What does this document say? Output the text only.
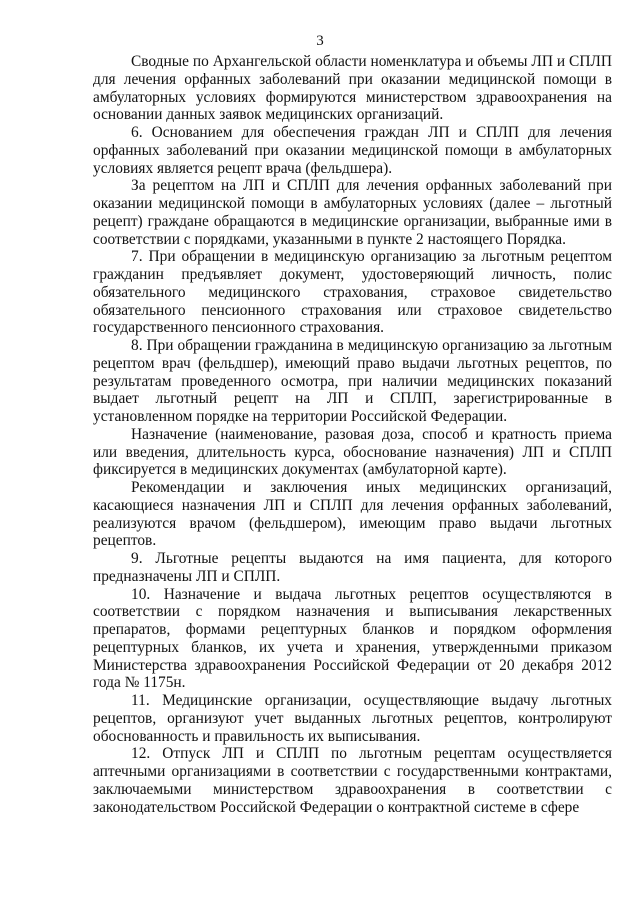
3

Сводные по Архангельской области номенклатура и объемы ЛП и СПЛП для лечения орфанных заболеваний при оказании медицинской помощи в амбулаторных условиях формируются министерством здравоохранения на основании данных заявок медицинских организаций.

6. Основанием для обеспечения граждан ЛП и СПЛП для лечения орфанных заболеваний при оказании медицинской помощи в амбулаторных условиях является рецепт врача (фельдшера).

За рецептом на ЛП и СПЛП для лечения орфанных заболеваний при оказании медицинской помощи в амбулаторных условиях (далее – льготный рецепт) граждане обращаются в медицинские организации, выбранные ими в соответствии с порядками, указанными в пункте 2 настоящего Порядка.

7. При обращении в медицинскую организацию за льготным рецептом гражданин предъявляет документ, удостоверяющий личность, полис обязательного медицинского страхования, страховое свидетельство обязательного пенсионного страхования или страховое свидетельство государственного пенсионного страхования.

8. При обращении гражданина в медицинскую организацию за льготным рецептом врач (фельдшер), имеющий право выдачи льготных рецептов, по результатам проведенного осмотра, при наличии медицинских показаний выдает льготный рецепт на ЛП и СПЛП, зарегистрированные в установленном порядке на территории Российской Федерации.

Назначение (наименование, разовая доза, способ и кратность приема или введения, длительность курса, обоснование назначения) ЛП и СПЛП фиксируется в медицинских документах (амбулаторной карте).

Рекомендации и заключения иных медицинских организаций, касающиеся назначения ЛП и СПЛП для лечения орфанных заболеваний, реализуются врачом (фельдшером), имеющим право выдачи льготных рецептов.

9. Льготные рецепты выдаются на имя пациента, для которого предназначены ЛП и СПЛП.

10. Назначение и выдача льготных рецептов осуществляются в соответствии с порядком назначения и выписывания лекарственных препаратов, формами рецептурных бланков и порядком оформления рецептурных бланков, их учета и хранения, утвержденными приказом Министерства здравоохранения Российской Федерации от 20 декабря 2012 года № 1175н.

11. Медицинские организации, осуществляющие выдачу льготных рецептов, организуют учет выданных льготных рецептов, контролируют обоснованность и правильность их выписывания.

12. Отпуск ЛП и СПЛП по льготным рецептам осуществляется аптечными организациями в соответствии с государственными контрактами, заключаемыми министерством здравоохранения в соответствии с законодательством Российской Федерации о контрактной системе в сфере
